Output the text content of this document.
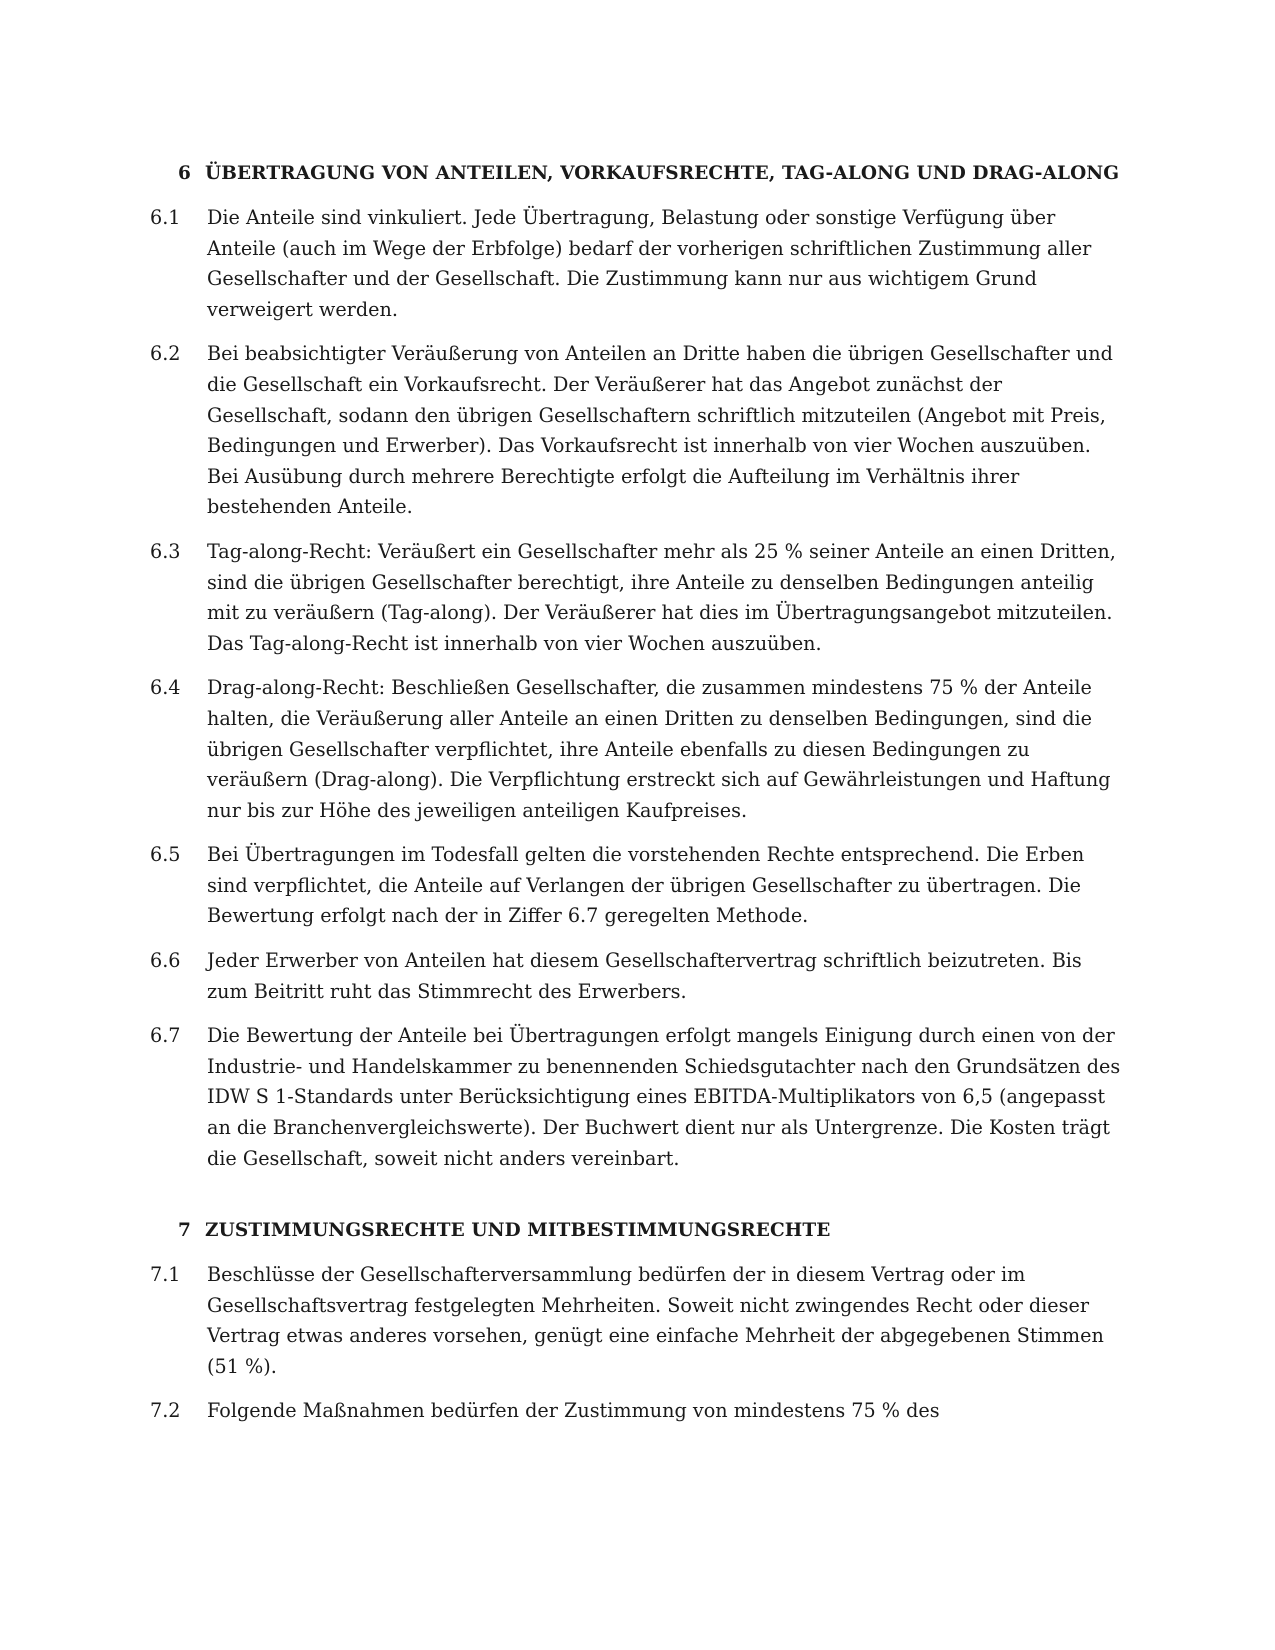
6 ÜBERTRAGUNG VON ANTEILEN, VORKAUFSRECHTE, TAG-ALONG UND DRAG-ALONG
6.1	Die Anteile sind vinkuliert. Jede Übertragung, Belastung oder sonstige Verfügung über Anteile (auch im Wege der Erbfolge) bedarf der vorherigen schriftlichen Zustimmung aller Gesellschafter und der Gesellschaft. Die Zustimmung kann nur aus wichtigem Grund verweigert werden.
6.2	Bei beabsichtigter Veräußerung von Anteilen an Dritte haben die übrigen Gesellschafter und die Gesellschaft ein Vorkaufsrecht. Der Veräußerer hat das Angebot zunächst der Gesellschaft, sodann den übrigen Gesellschaftern schriftlich mitzuteilen (Angebot mit Preis, Bedingungen und Erwerber). Das Vorkaufsrecht ist innerhalb von vier Wochen auszuüben. Bei Ausübung durch mehrere Berechtigte erfolgt die Aufteilung im Verhältnis ihrer bestehenden Anteile.
6.3	Tag-along-Recht: Veräußert ein Gesellschafter mehr als 25 % seiner Anteile an einen Dritten, sind die übrigen Gesellschafter berechtigt, ihre Anteile zu denselben Bedingungen anteilig mit zu veräußern (Tag-along). Der Veräußerer hat dies im Übertragungsangebot mitzuteilen. Das Tag-along-Recht ist innerhalb von vier Wochen auszuüben.
6.4	Drag-along-Recht: Beschließen Gesellschafter, die zusammen mindestens 75 % der Anteile halten, die Veräußerung aller Anteile an einen Dritten zu denselben Bedingungen, sind die übrigen Gesellschafter verpflichtet, ihre Anteile ebenfalls zu diesen Bedingungen zu veräußern (Drag-along). Die Verpflichtung erstreckt sich auf Gewährleistungen und Haftung nur bis zur Höhe des jeweiligen anteiligen Kaufpreises.
6.5	Bei Übertragungen im Todesfall gelten die vorstehenden Rechte entsprechend. Die Erben sind verpflichtet, die Anteile auf Verlangen der übrigen Gesellschafter zu übertragen. Die Bewertung erfolgt nach der in Ziffer 6.7 geregelten Methode.
6.6	Jeder Erwerber von Anteilen hat diesem Gesellschaftervertrag schriftlich beizutreten. Bis zum Beitritt ruht das Stimmrecht des Erwerbers.
6.7	Die Bewertung der Anteile bei Übertragungen erfolgt mangels Einigung durch einen von der Industrie- und Handelskammer zu benennenden Schiedsgutachter nach den Grundsätzen des IDW S 1-Standards unter Berücksichtigung eines EBITDA-Multiplikators von 6,5 (angepasst an die Branchenvergleichswerte). Der Buchwert dient nur als Untergrenze. Die Kosten trägt die Gesellschaft, soweit nicht anders vereinbart.
7 ZUSTIMMUNGSRECHTE UND MITBESTIMMUNGSRECHTE
7.1	Beschlüsse der Gesellschafterversammlung bedürfen der in diesem Vertrag oder im Gesellschaftsvertrag festgelegten Mehrheiten. Soweit nicht zwingendes Recht oder dieser Vertrag etwas anderes vorsehen, genügt eine einfache Mehrheit der abgegebenen Stimmen (51 %).
7.2	Folgende Maßnahmen bedürfen der Zustimmung von mindestens 75 % des
